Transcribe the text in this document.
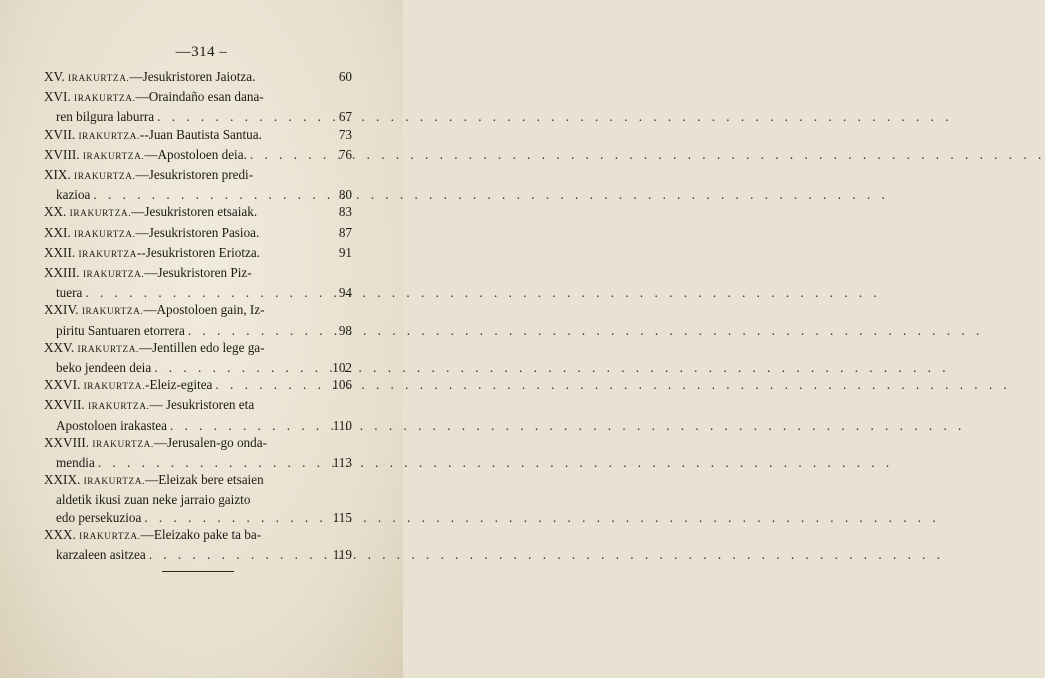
—314 –
XV. IRAKURTZA.—Jesukristoren Jaiotza.	60
XVI. IRAKURTZA.—Oraindaño esan dana-
ren bilgura laburra . . .	67
XVII. IRAKURTZA.--Juan Bautista Santua.	73
XVIII. IRAKURTZA.—Apostoloen deia. . . .	76
XIX. IRAKURTZA.—Jesukristoren predi-
kazioa . . .	80
XX. IRAKURTZA.—Jesukristoren etsaiak.	83
XXI. IRAKURTZA.—Jesukristoren Pasioa.	87
XXII. IRAKURTZA--Jesukristoren Eriotza.	91
XXIII. IRAKURTZA.—Jesukristoren Piz-
tuera . . .	94
XXIV. IRAKURTZA.—Apostoloen gain, Iz-
piritu Santuaren etorrera . . .	98
XXV. IRAKURTZA.—Jentillen edo lege ga-
beko jendeen deia . . .	102
XXVI. IRAKURTZA.-Eleiz-egitea . . .	106
XXVII. IRAKURTZA.— Jesukristoren eta
Apostoloen irakastea . . .	110
XXVIII. IRAKURTZA.—Jerusalen-go onda-
mendia . . .	113
XXIX. IRAKURTZA.—Eleizak bere etsaien
aldetik ikusi zuan neke jarraio gaizto
edo persekuzioa . . .	115
XXX. IRAKURTZA.—Eleizako pake ta ba-
karzaleen asitzea . . .	119
